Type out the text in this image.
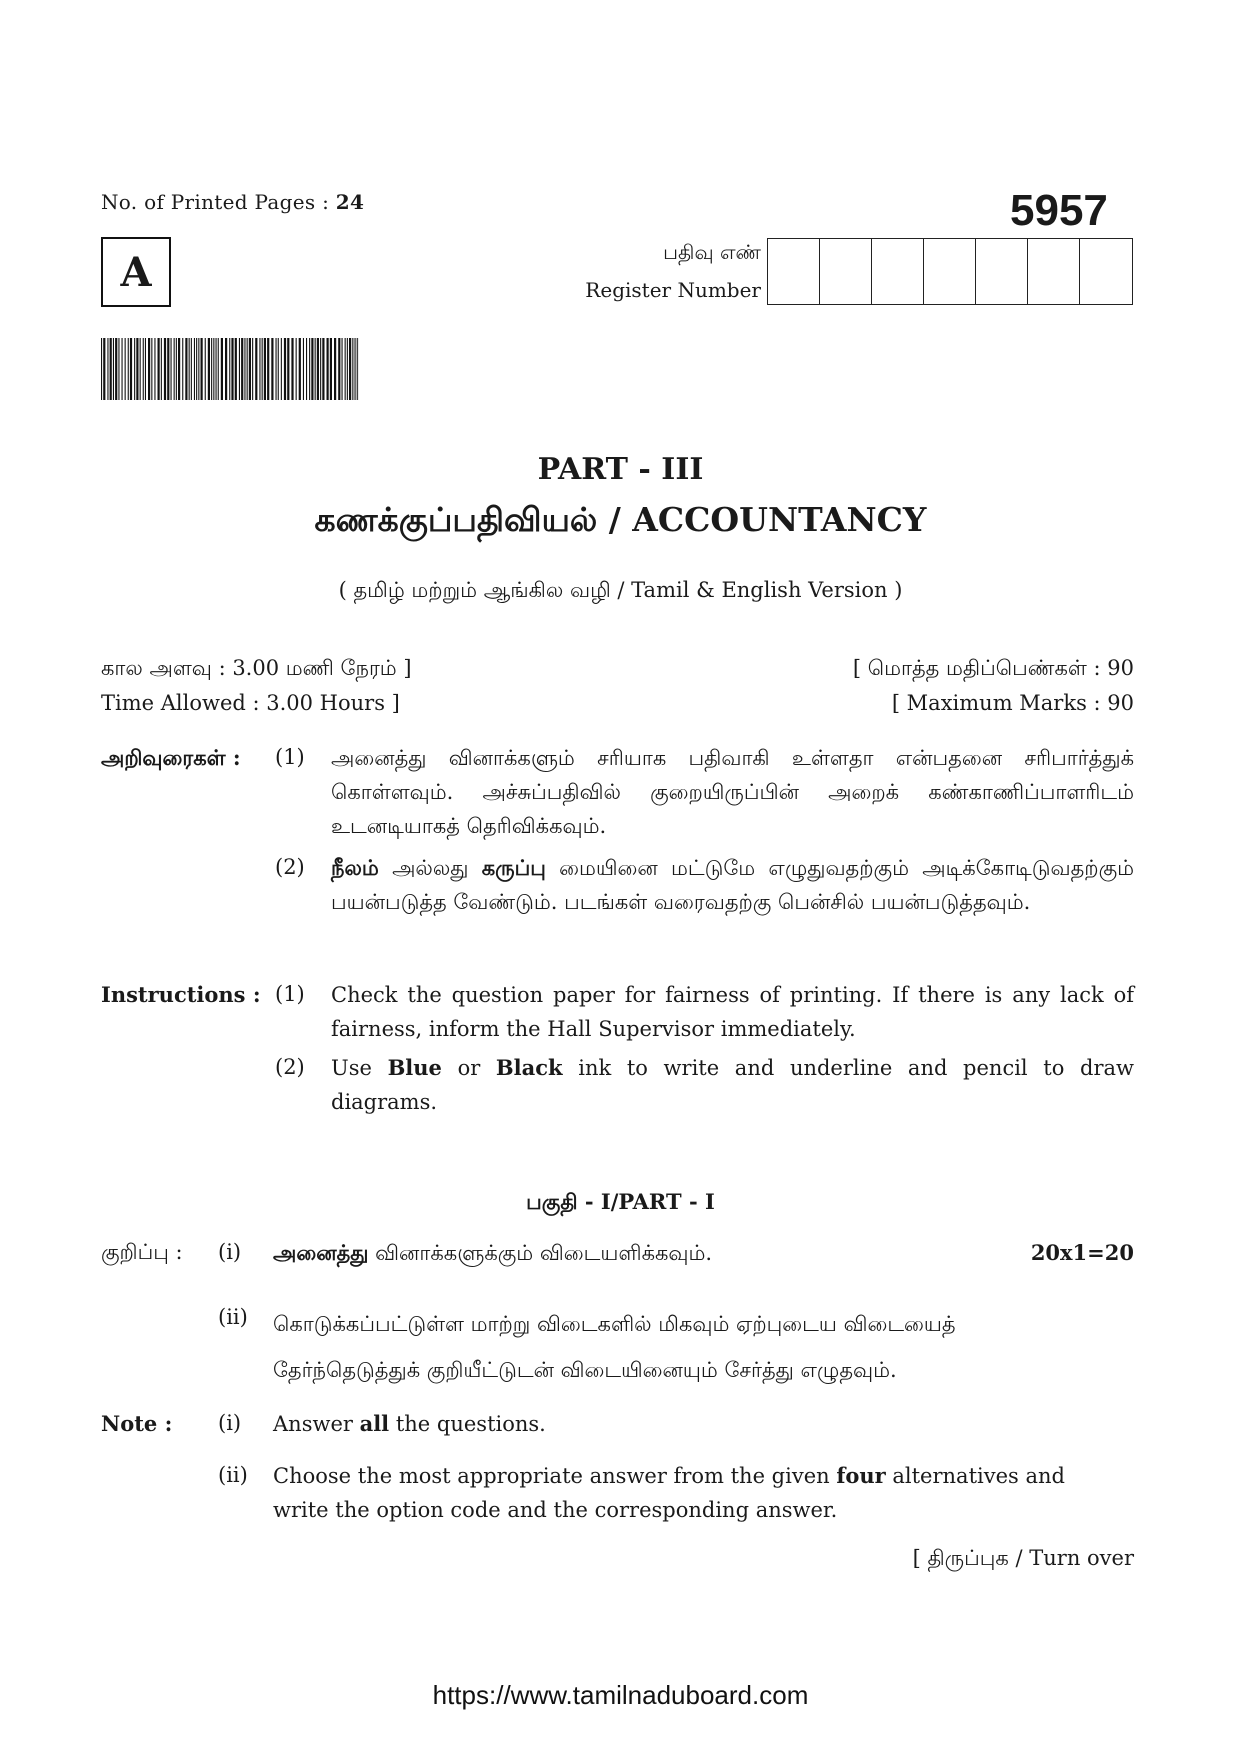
No. of Printed Pages : 24	5957
A	பதிவு எண்
Register Number
PART - III
கணக்குப்பதிவியல் / ACCOUNTANCY
( தமிழ் மற்றும் ஆங்கில வழி / Tamil & English Version )
கால அளவு : 3.00 மணி நேரம் ]	[ மொத்த மதிப்பெண்கள் : 90
Time Allowed : 3.00 Hours ]	[ Maximum Marks : 90
அறிவுரைகள் : (1) அனைத்து வினாக்களும் சரியாக பதிவாகி உள்ளதா என்பதனை சரிபார்த்துக் கொள்ளவும். அச்சுப்பதிவில் குறையிருப்பின் அறைக் கண்காணிப்பாளரிடம் உடனடியாகத் தெரிவிக்கவும்.
(2) நீலம் அல்லது கருப்பு மையினை மட்டுமே எழுதுவதற்கும் அடிக்கோடிடுவதற்கும் பயன்படுத்த வேண்டும். படங்கள் வரைவதற்கு பென்சில் பயன்படுத்தவும்.
Instructions : (1) Check the question paper for fairness of printing. If there is any lack of fairness, inform the Hall Supervisor immediately.
(2) Use Blue or Black ink to write and underline and pencil to draw diagrams.
பகுதி - I/PART - I
குறிப்பு : (i) அனைத்து வினாக்களுக்கும் விடையளிக்கவும்.	20x1=20
(ii) கொடுக்கப்பட்டுள்ள மாற்று விடைகளில் மிகவும் ஏற்புடைய விடையைத் தேர்ந்தெடுத்துக் குறியீட்டுடன் விடையினையும் சேர்த்து எழுதவும்.
Note : (i) Answer all the questions.
(ii) Choose the most appropriate answer from the given four alternatives and write the option code and the corresponding answer.
[ திருப்புக / Turn over
https://www.tamilnaduboard.com
